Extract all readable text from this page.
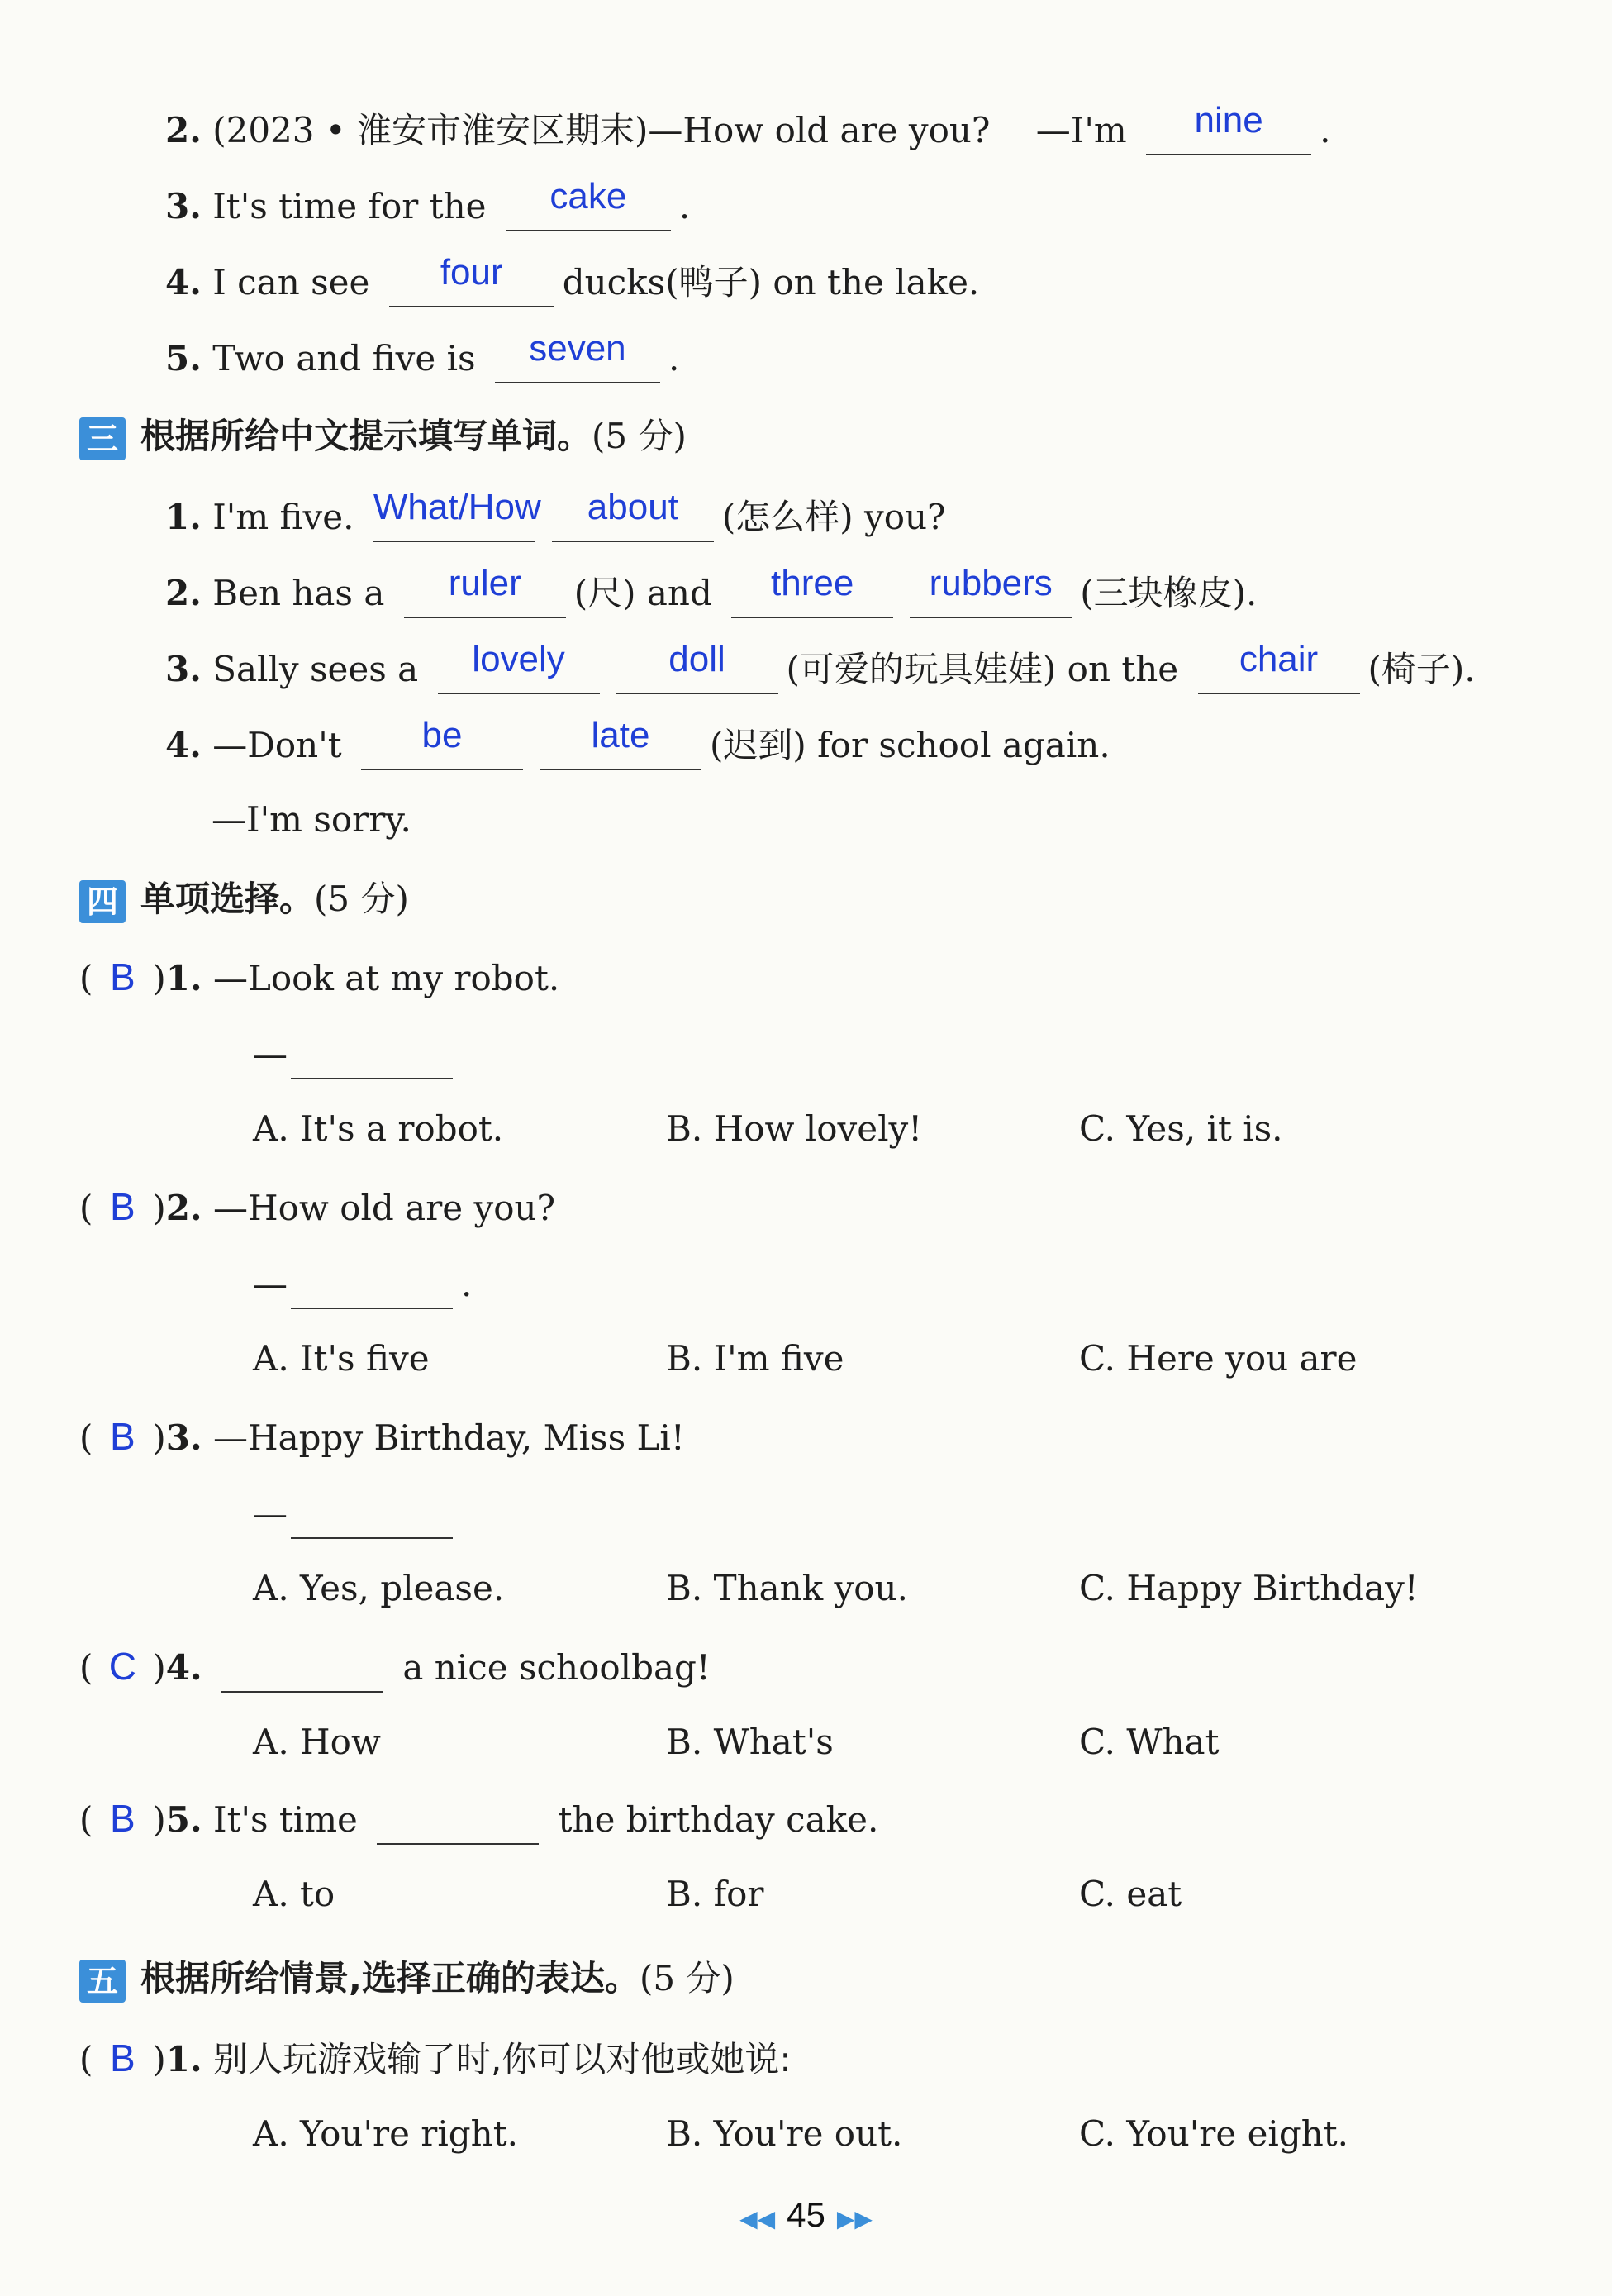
2. (2023 • 淮安市淮安区期末)—How old are you?　 —I'm	nine	.
3. It's time for the	cake	.
4. I can see	four	ducks(鸭子) on the lake.
5. Two and five is	seven	.
三 根据所给中文提示填写单词。(5 分)
1. I'm five. What/How	about	(怎么样) you?
2. Ben has a	ruler	(尺) and	three	rubbers (三块橡皮).
3. Sally sees a	lovely	doll	(可爱的玩具娃娃) on the	chair	(椅子).
4. —Don't	be	late	(迟到) for school again.
—I'm sorry.
四 单项选择。(5 分)
( B )1. —Look at my robot.
—
A. It's a robot.	B. How lovely!	C. Yes, it is.
( B )2. —How old are you?
—	.
A. It's five	B. I'm five	C. Here you are
( B )3. —Happy Birthday, Miss Li!
—
A. Yes, please.	B. Thank you.	C. Happy Birthday!
( C )4.	a nice schoolbag!
A. How	B. What's	C. What
( B )5. It's time	the birthday cake.
A. to	B. for	C. eat
五 根据所给情景,选择正确的表达。(5 分)
( B )1. 别人玩游戏输了时,你可以对他或她说:
A. You're right.	B. You're out.	C. You're eight.
◀◀ 45 ▶▶
